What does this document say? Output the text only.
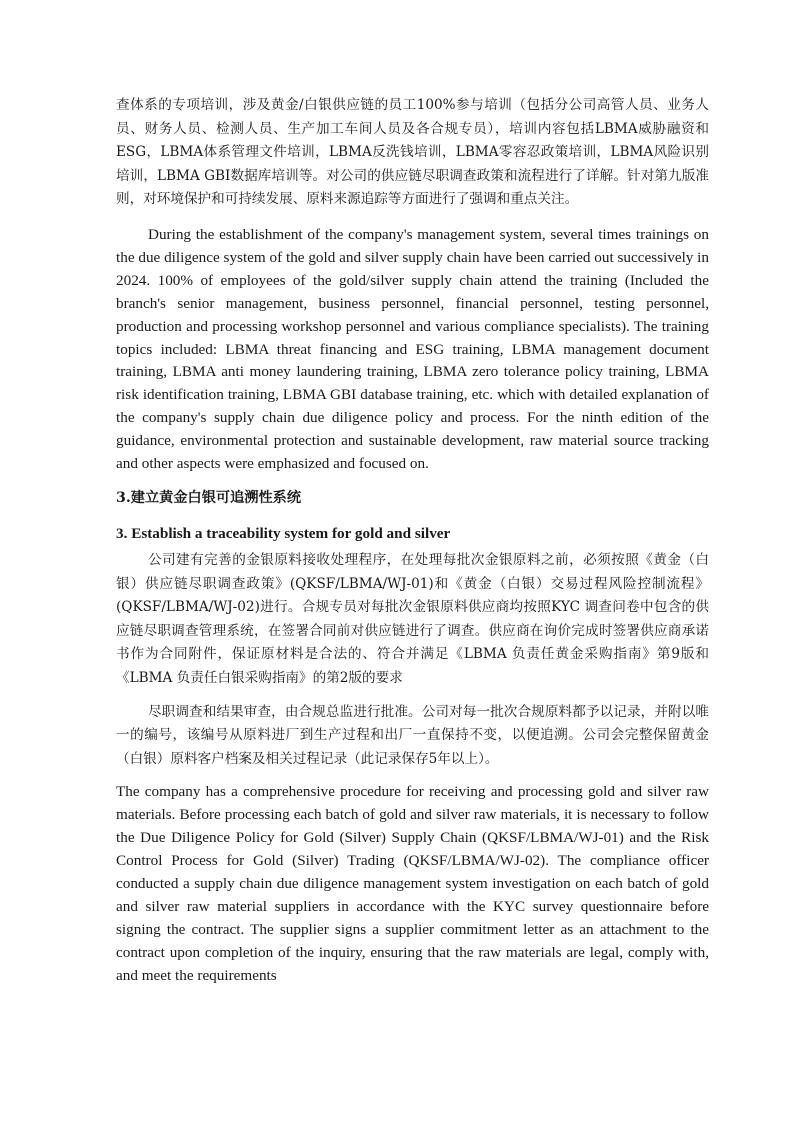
查体系的专项培训，涉及黄金/白银供应链的员工100%参与培训（包括分公司高管人员、业务人员、财务人员、检测人员、生产加工车间人员及各合规专员），培训内容包括LBMA威胁融资和ESG，LBMA体系管理文件培训，LBMA反洗钱培训，LBMA零容忍政策培训，LBMA风险识别培训，LBMA GBI数据库培训等。对公司的供应链尽职调查政策和流程进行了详解。针对第九版准则，对环境保护和可持续发展、原料来源追踪等方面进行了强调和重点关注。

During the establishment of the company's management system, several times trainings on the due diligence system of the gold and silver supply chain have been carried out successively in 2024. 100% of employees of the gold/silver supply chain attend the training (Included the branch's senior management, business personnel, financial personnel, testing personnel, production and processing workshop personnel and various compliance specialists). The training topics included: LBMA threat financing and ESG training, LBMA management document training, LBMA anti money laundering training, LBMA zero tolerance policy training, LBMA risk identification training, LBMA GBI database training, etc. which with detailed explanation of the company's supply chain due diligence policy and process. For the ninth edition of the guidance, environmental protection and sustainable development, raw material source tracking and other aspects were emphasized and focused on.

3.建立黄金白银可追溯性系统

3. Establish a traceability system for gold and silver

公司建有完善的金银原料接收处理程序，在处理每批次金银原料之前，必须按照《黄金（白银）供应链尽职调查政策》(QKSF/LBMA/WJ-01)和《黄金（白银）交易过程风险控制流程》(QKSF/LBMA/WJ-02)进行。合规专员对每批次金银原料供应商均按照KYC 调查问卷中包含的供应链尽职调查管理系统，在签署合同前对供应链进行了调查。供应商在询价完成时签署供应商承诺书作为合同附件，保证原材料是合法的、符合并满足《LBMA 负责任黄金采购指南》第9版和《LBMA 负责任白银采购指南》的第2版的要求

尽职调查和结果审查，由合规总监进行批准。公司对每一批次合规原料都予以记录，并附以唯一的编号，该编号从原料进厂到生产过程和出厂一直保持不变，以便追溯。公司会完整保留黄金（白银）原料客户档案及相关过程记录（此记录保存5年以上）。

The company has a comprehensive procedure for receiving and processing gold and silver raw materials. Before processing each batch of gold and silver raw materials, it is necessary to follow the Due Diligence Policy for Gold (Silver) Supply Chain (QKSF/LBMA/WJ-01) and the Risk Control Process for Gold (Silver) Trading (QKSF/LBMA/WJ-02). The compliance officer conducted a supply chain due diligence management system investigation on each batch of gold and silver raw material suppliers in accordance with the KYC survey questionnaire before signing the contract. The supplier signs a supplier commitment letter as an attachment to the contract upon completion of the inquiry, ensuring that the raw materials are legal, comply with, and meet the requirements
